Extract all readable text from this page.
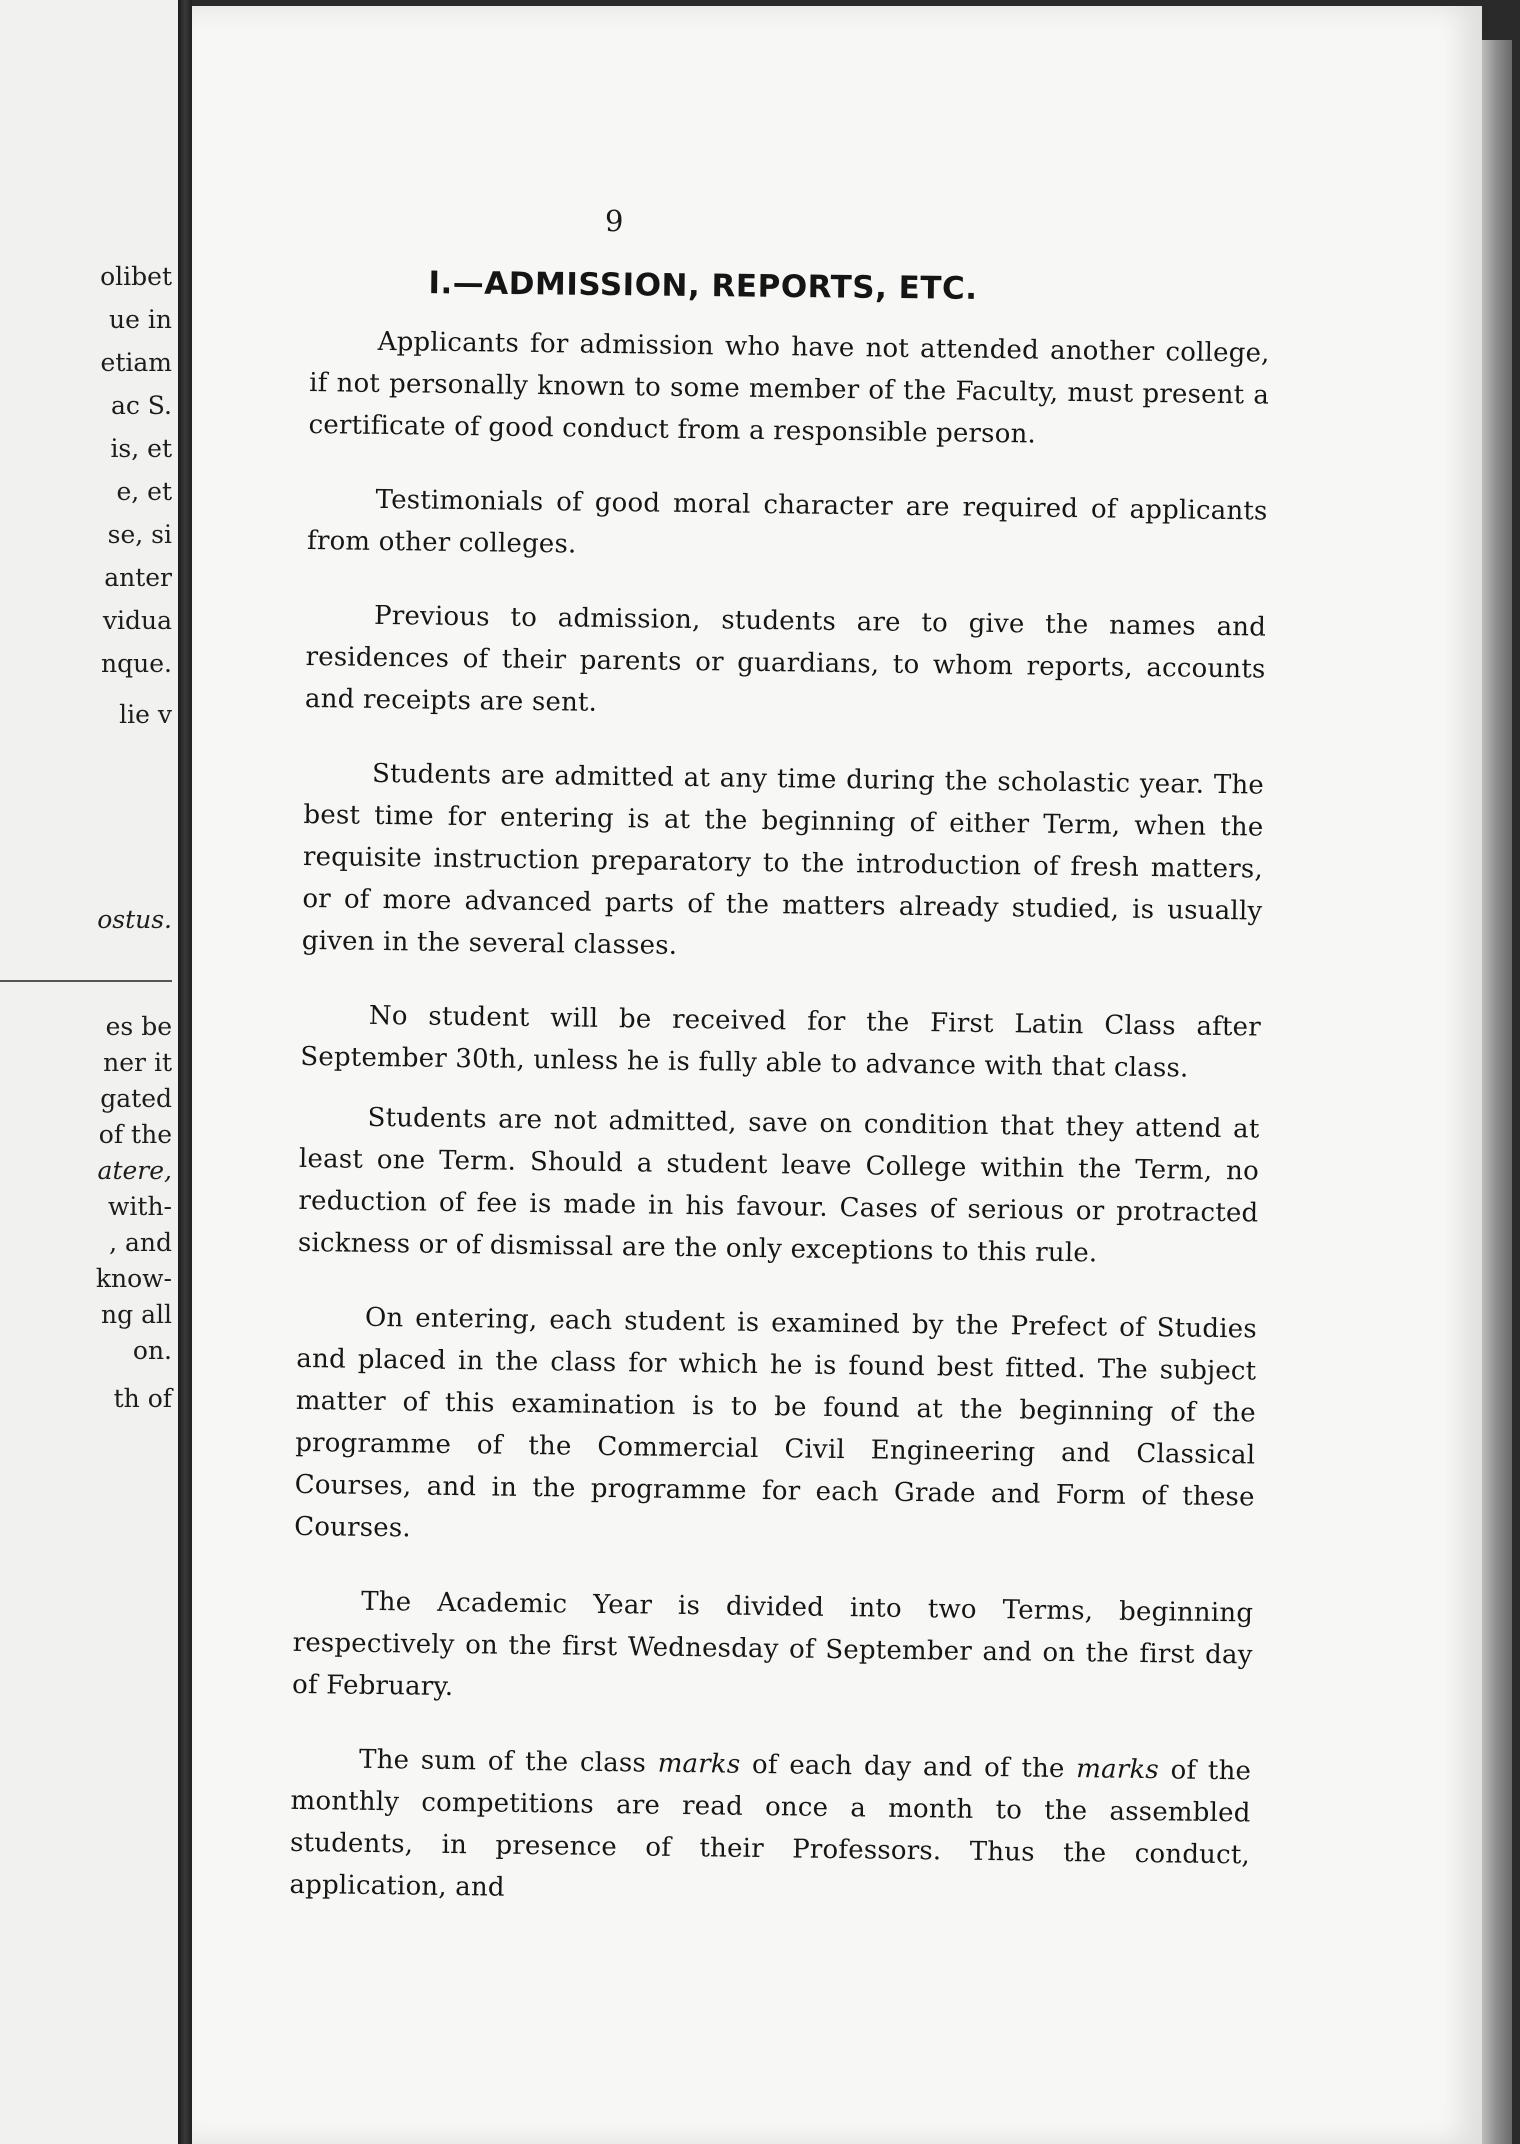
olibet
ue in
etiam
ac S.
is, et
e, et
se, si
anter
vidua
nque.
lie v
ostus.
es be
ner it
gated
of the
atere,
with-
, and
know-
ng all
on.
th of
9
I.—ADMISSION, REPORTS, ETC.

Applicants for admission who have not attended another college, if not personally known to some member of the Faculty, must present a certificate of good conduct from a responsible person.

Testimonials of good moral character are required of applicants from other colleges.

Previous to admission, students are to give the names and residences of their parents or guardians, to whom reports, accounts and receipts are sent.

Students are admitted at any time during the scholastic year. The best time for entering is at the beginning of either Term, when the requisite instruction preparatory to the introduction of fresh matters, or of more advanced parts of the matters already studied, is usually given in the several classes.

No student will be received for the First Latin Class after September 30th, unless he is fully able to advance with that class.

Students are not admitted, save on condition that they attend at least one Term. Should a student leave College within the Term, no reduction of fee is made in his favour. Cases of serious or protracted sickness or of dismissal are the only exceptions to this rule.

On entering, each student is examined by the Prefect of Studies and placed in the class for which he is found best fitted. The subject matter of this examination is to be found at the beginning of the programme of the Commercial Civil Engineering and Classical Courses, and in the programme for each Grade and Form of these Courses.

The Academic Year is divided into two Terms, beginning respectively on the first Wednesday of September and on the first day of February.

The sum of the class marks of each day and of the marks of the monthly competitions are read once a month to the assembled students, in presence of their Professors. Thus the conduct, application, and
